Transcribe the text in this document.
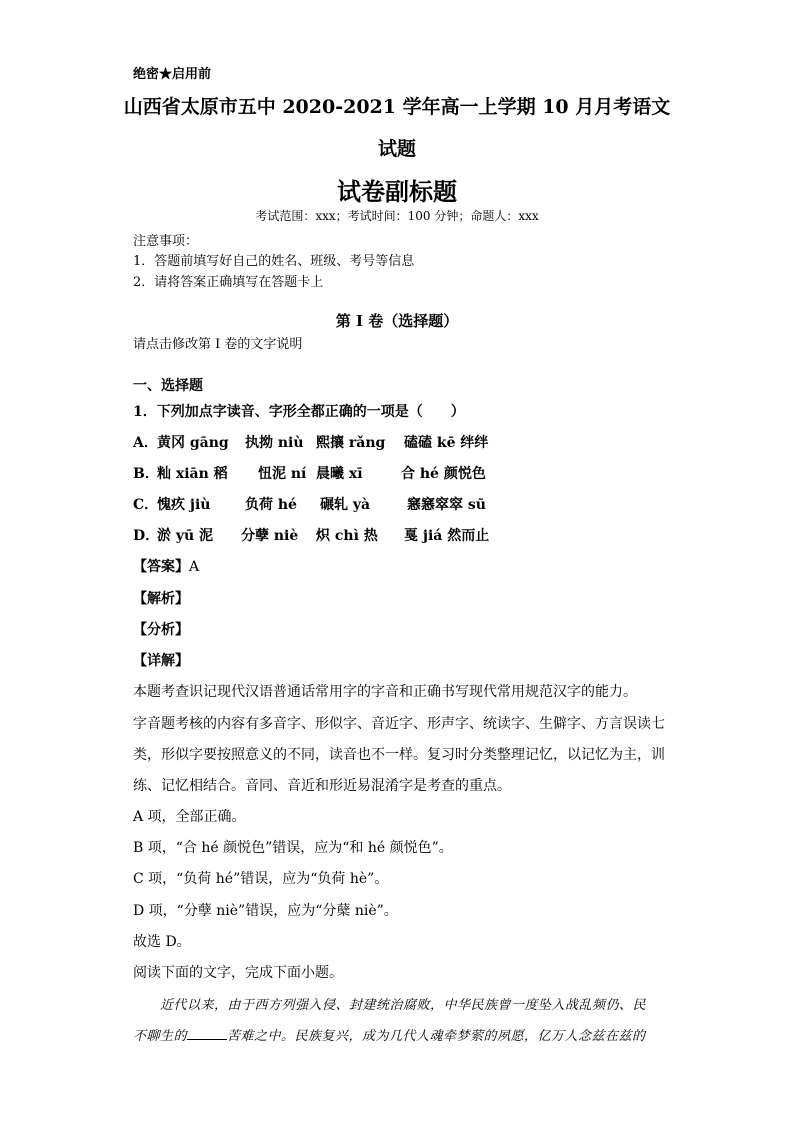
绝密★启用前
山西省太原市五中 2020-2021 学年高一上学期 10 月月考语文
试题
试卷副标题
考试范围：xxx；考试时间：100 分钟；命题人：xxx
注意事项：
1．答题前填写好自己的姓名、班级、考号等信息
2．请将答案正确填写在答题卡上
第 I 卷（选择题）
请点击修改第 I 卷的文字说明
一、选择题
1．下列加点字读音、字形全都正确的一项是（　　）
A． 黄冈 gāng 执拗 niù 熙攘 rǎng 磕磕 kē 绊绊
B．
籼 xiān 稻 忸泥 ní 晨曦 xī	合 hé 颜悦色
C．
愧疚 jiù 负荷 hé 碾轧 yà	窸窸窣窣 sū
D．
淤 yū 泥 分孽 niè 炽 chì 热 戛 jiá 然而止
【答案】A
【解析】
【分析】
【详解】
本题考查识记现代汉语普通话常用字的字音和正确书写现代常用规范汉字的能力。
字音题考核的内容有多音字、形似字、音近字、形声字、统读字、生僻字、方言误读七
类，形似字要按照意义的不同，读音也不一样。复习时分类整理记忆，以记忆为主，训
练、记忆相结合。音同、音近和形近易混淆字是考查的重点。
A 项，全部正确。
B 项，“合 hé 颜悦色”错误，应为“和 hé 颜悦色”。
C 项，“负荷 hé”错误，应为“负荷 hè”。
D 项，“分孽 niè”错误，应为“分蘖 niè”。
故选 D。
阅读下面的文字，完成下面小题。
近代以来，由于西方列强入侵、封建统治腐败，中华民族曾一度坠入战乱频仍、民
不聊生的	苦难之中。民族复兴，成为几代人魂牵梦萦的夙愿，亿万人念兹在兹的
